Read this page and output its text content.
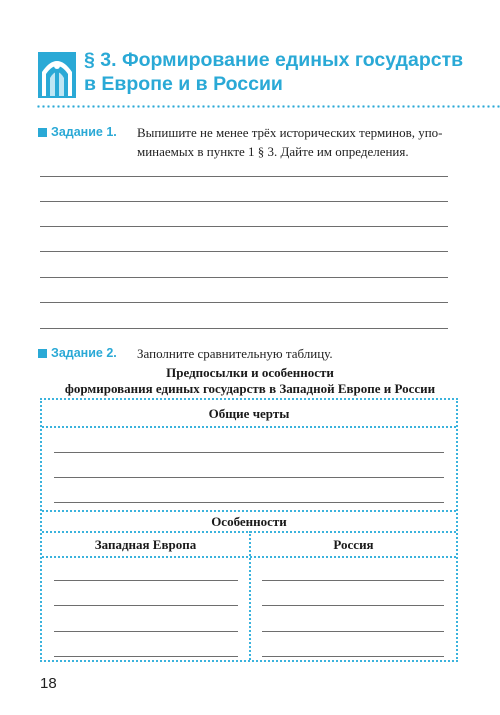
§ 3. Формирование единых государств
в Европе и в России
Задание 1. Выпишите не менее трёх исторических терминов, упо-
минаемых в пункте 1 § 3. Дайте им определения.
Задание 2. Заполните сравнительную таблицу.
Предпосылки и особенности
формирования единых государств в Западной Европе и России
Общие черты
Особенности
Западная Европа	Россия
18
